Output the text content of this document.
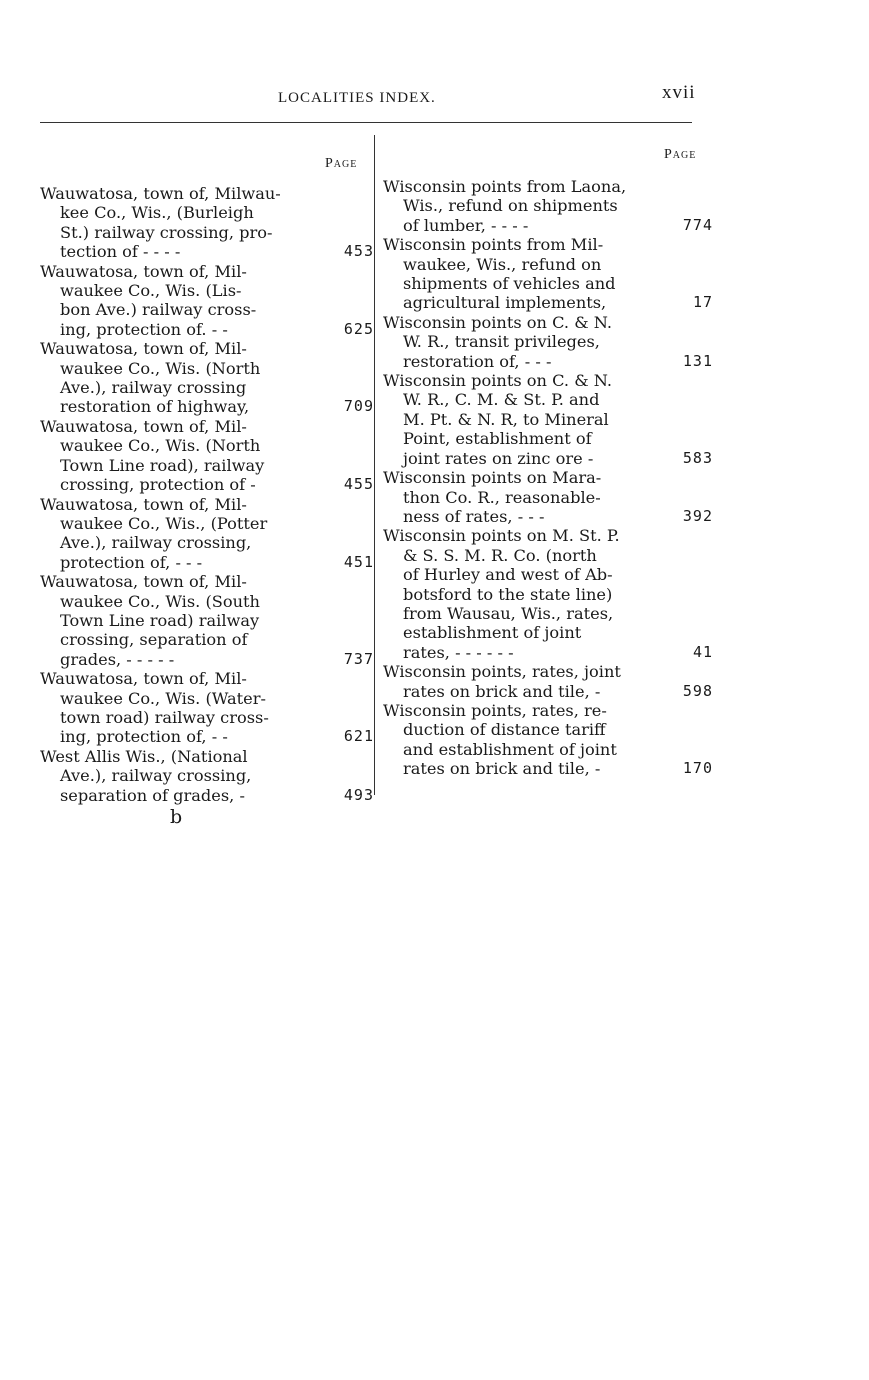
LOCALITIES INDEX.	xvii
Page
Page
Wauwatosa, town of, Milwau-
kee Co., Wis., (Burleigh
St.) railway crossing, pro-
tection of - - - -	453
Wauwatosa, town of, Mil-
waukee Co., Wis. (Lis-
bon Ave.) railway cross-
ing, protection of. - -	625
Wauwatosa, town of, Mil-
waukee Co., Wis. (North
Ave.), railway crossing
restoration of highway,	709
Wauwatosa, town of, Mil-
waukee Co., Wis. (North
Town Line road), railway
crossing, protection of -	455
Wauwatosa, town of, Mil-
waukee Co., Wis., (Potter
Ave.), railway crossing,
protection of, - - -	451
Wauwatosa, town of, Mil-
waukee Co., Wis. (South
Town Line road) railway
crossing, separation of
grades, - - - - -	737
Wauwatosa, town of, Mil-
waukee Co., Wis. (Water-
town road) railway cross-
ing, protection of, - -	621
West Allis Wis., (National
Ave.), railway crossing,
separation of grades, -	493
Wisconsin points from Laona,
Wis., refund on shipments
of lumber, - - - -	774
Wisconsin points from Mil-
waukee, Wis., refund on
shipments of vehicles and
agricultural implements,	17
Wisconsin points on C. & N.
W. R., transit privileges,
restoration of, - - -	131
Wisconsin points on C. & N.
W. R., C. M. & St. P. and
M. Pt. & N. R, to Mineral
Point, establishment of
joint rates on zinc ore -	583
Wisconsin points on Mara-
thon Co. R., reasonable-
ness of rates, - - -	392
Wisconsin points on M. St. P.
& S. S. M. R. Co. (north
of Hurley and west of Ab-
botsford to the state line)
from Wausau, Wis., rates,
establishment of joint
rates, - - - - - -	41
Wisconsin points, rates, joint
rates on brick and tile, -	598
Wisconsin points, rates, re-
duction of distance tariff
and establishment of joint
rates on brick and tile, -	170
b
